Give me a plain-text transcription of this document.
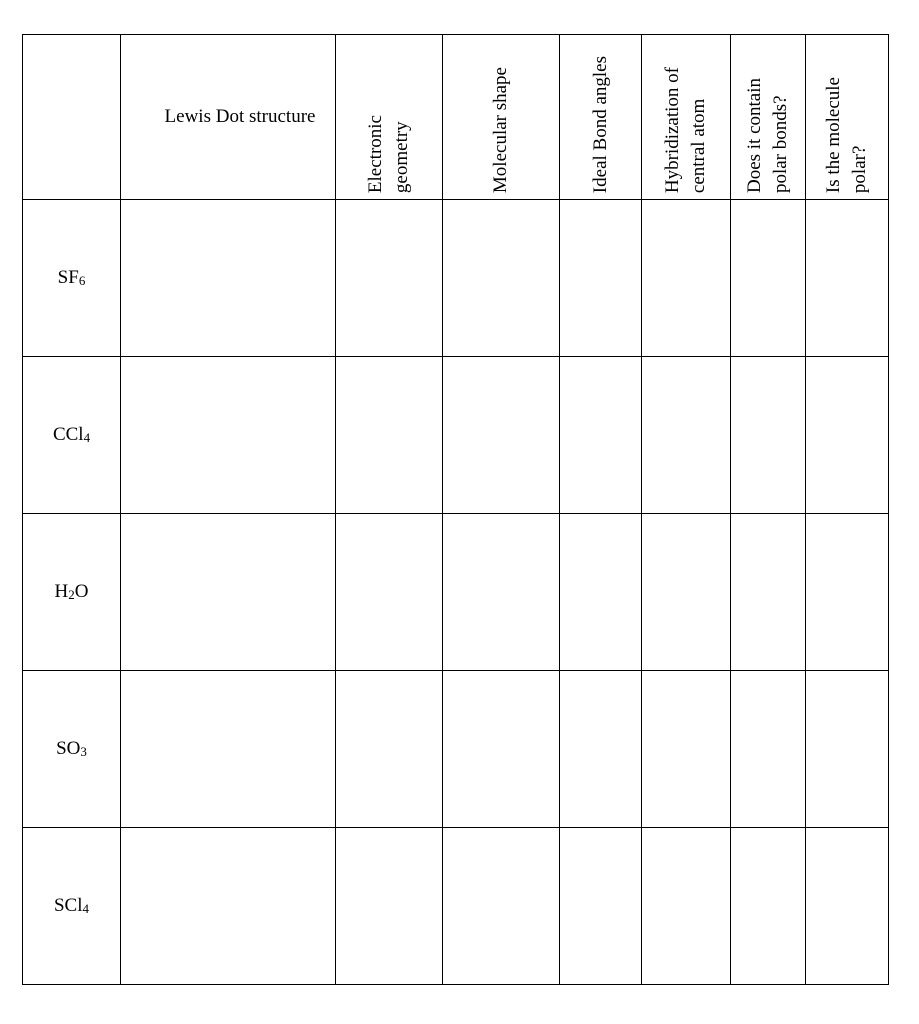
	Lewis Dot structure	Electronic geometry	Molecular shape	Ideal Bond angles	Hybridization of central atom	Does it contain polar bonds?	Is the molecule polar?

$SF_6$							
CCl$_4$							
$H_2O$							
$SO_3$							
SCl$_4$							
